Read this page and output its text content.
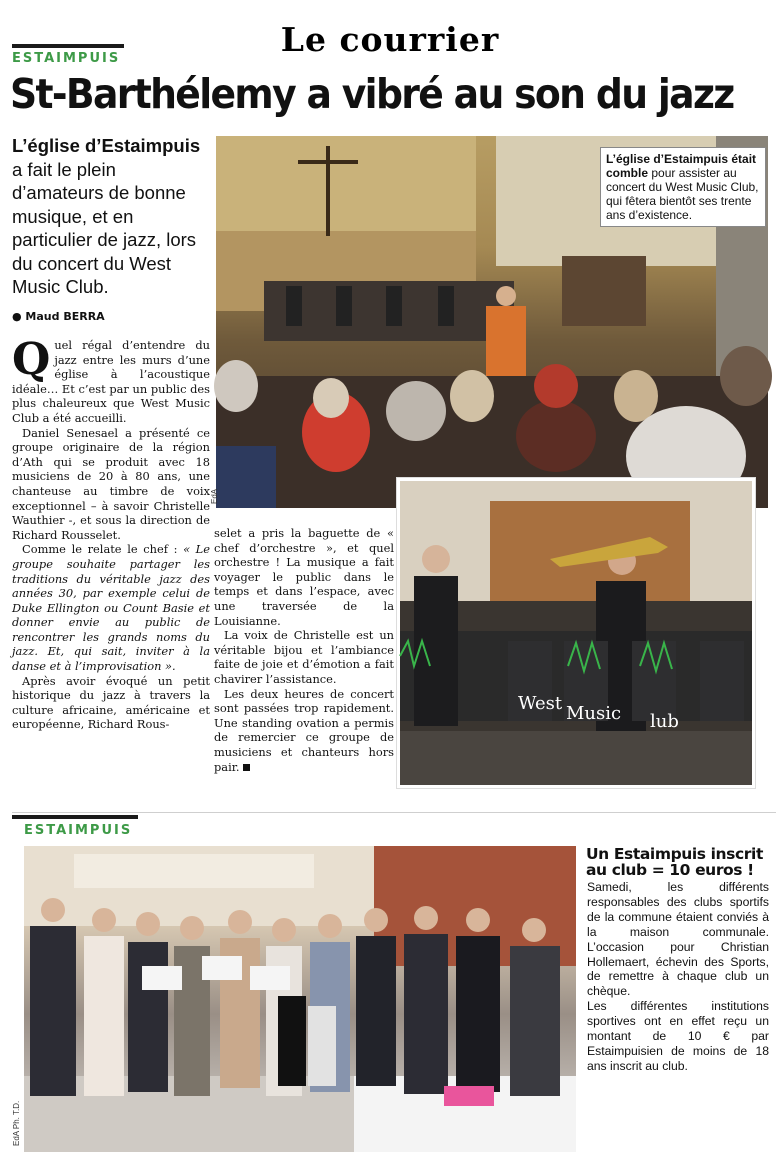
Le courrier
ESTAIMPUIS
St-Barthélemy a vibré au son du jazz
L’église d’Estaimpuis a fait le plein d’amateurs de bonne musique, et en particulier de jazz, lors du concert du West Music Club.
● Maud BERRA

Quel régal d’entendre du jazz entre les murs d’une église à l’acoustique idéale… Et c’est par un public des plus chaleureux que West Music Club a été accueilli.

Daniel Senesael a présenté ce groupe originaire de la région d’Ath qui se produit avec 18 musiciens de 20 à 80 ans, une chanteuse au timbre de voix exceptionnel – à savoir Christelle Wauthier -, et sous la direction de Richard Rousselet.

Comme le relate le chef : « Le groupe souhaite partager les traditions du véritable jazz des années 30, par exemple celui de Duke Ellington ou Count Basie et donner envie au public de rencontrer les grands noms du jazz. Et, qui sait, inviter à la danse et à l’improvisation ».

Après avoir évoqué un petit historique du jazz à travers la culture africaine, américaine et européenne, Richard Rous-

selet a pris la baguette de « chef d’orchestre », et quel orchestre ! La musique a fait voyager le public dans le temps et dans l’espace, avec une traversée de la Louisianne.

La voix de Christelle est un véritable bijou et l’ambiance faite de joie et d’émotion a fait chavirer l’assistance.

Les deux heures de concert sont passées trop rapidement. Une standing ovation a permis de remercier ce groupe de musiciens et chanteurs hors pair.

EdA
L’église d’Estaimpuis était comble pour assister au concert du West Music Club, qui fêtera bientôt ses trente ans d’existence.
West Music lub
ESTAIMPUIS
EdA Ph. T.D.
Un Estaimpuis inscrit au club = 10 euros !

Samedi, les différents responsables des clubs sportifs de la commune étaient conviés à la maison communale. L’occasion pour Christian Hollemaert, échevin des Sports, de remettre à chaque club un chèque.

Les différentes institutions sportives ont en effet reçu un montant de 10 € par Estaimpuisien de moins de 18 ans inscrit au club.
